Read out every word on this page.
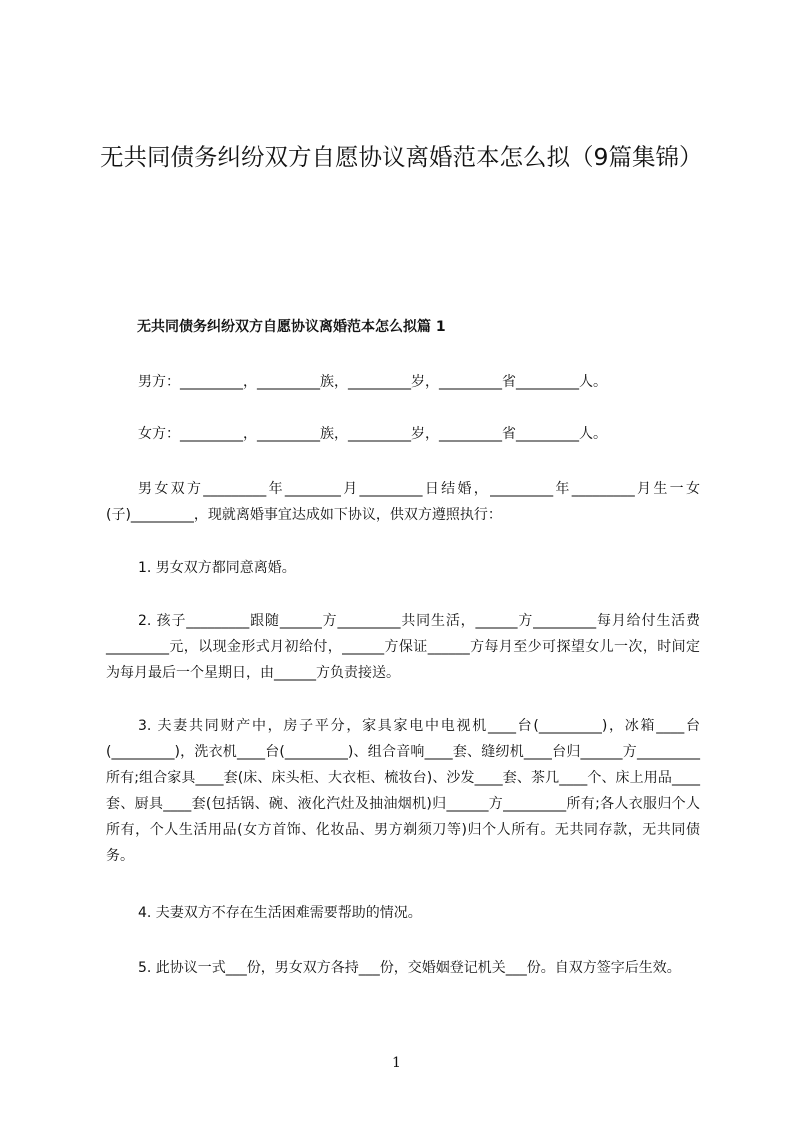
无共同债务纠纷双方自愿协议离婚范本怎么拟（9篇集锦）
无共同债务纠纷双方自愿协议离婚范本怎么拟篇 1
男方：_________，_________族，_________岁，_________省_________人。
女方：_________，_________族，_________岁，_________省_________人。
男女双方_________年________月_________日结婚，_________年_________月生一女(子)_________，现就离婚事宜达成如下协议，供双方遵照执行：
1. 男女双方都同意离婚。
2. 孩子_________跟随______方_________共同生活，______方_________每月给付生活费_________元，以现金形式月初给付，______方保证______方每月至少可探望女儿一次，时间定为每月最后一个星期日，由______方负责接送。
3. 夫妻共同财产中，房子平分，家具家电中电视机____台(_________)，冰箱____台(_________)，洗衣机____台(_________)、组合音响____套、缝纫机____台归______方_________所有;组合家具____套(床、床头柜、大衣柜、梳妆台)、沙发____套、茶几____个、床上用品____套、厨具____套(包括锅、碗、液化汽灶及抽油烟机)归______方_________所有;各人衣服归个人所有，个人生活用品(女方首饰、化妆品、男方剃须刀等)归个人所有。无共同存款，无共同债务。
4. 夫妻双方不存在生活困难需要帮助的情况。
5. 此协议一式___份，男女双方各持___份，交婚姻登记机关___份。自双方签字后生效。
1
